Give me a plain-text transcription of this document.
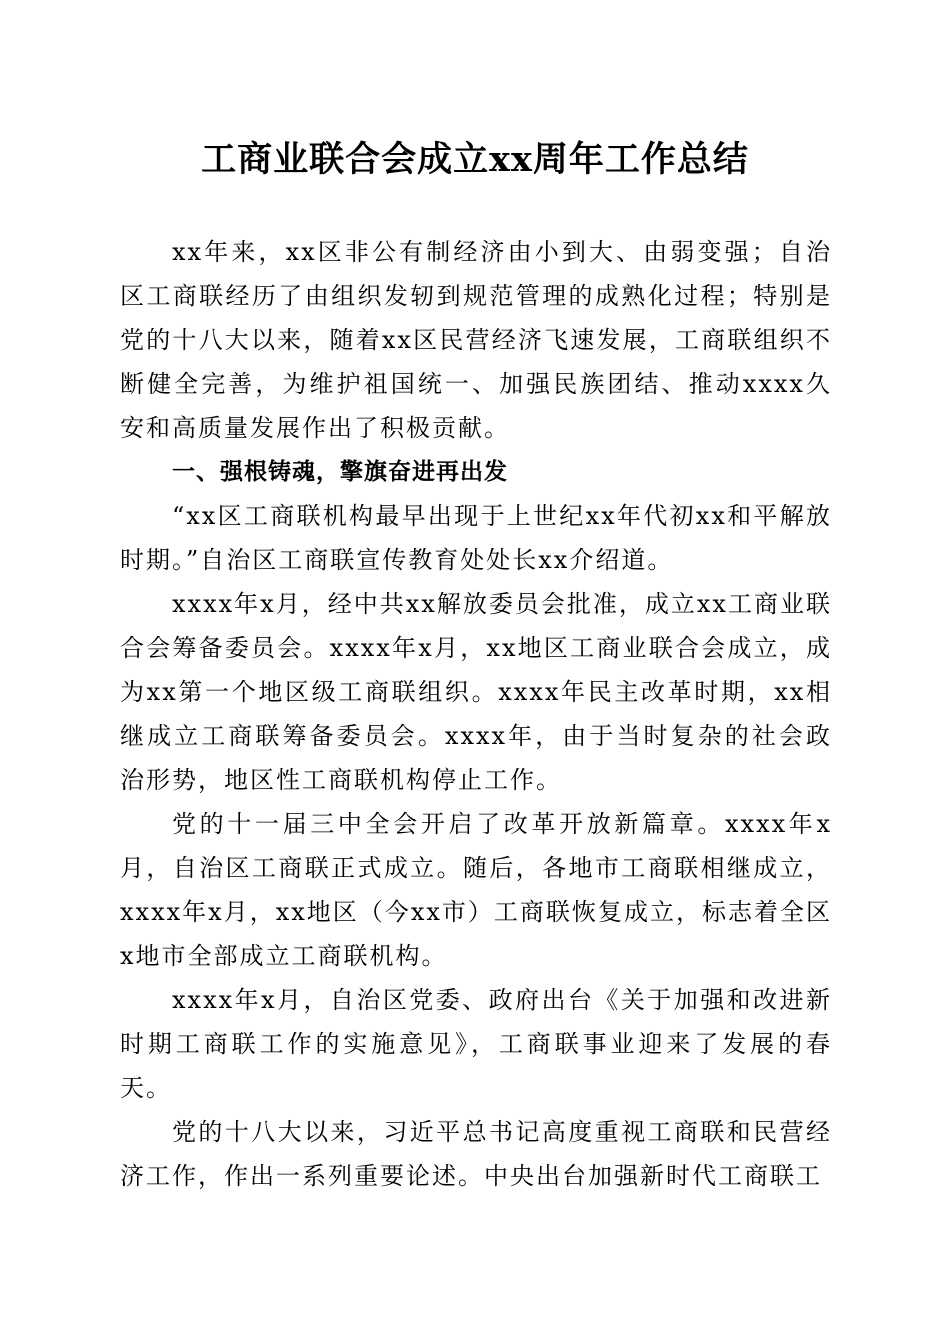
工商业联合会成立xx周年工作总结

xx年来，xx区非公有制经济由小到大、由弱变强；自治区工商联经历了由组织发轫到规范管理的成熟化过程；特别是党的十八大以来，随着xx区民营经济飞速发展，工商联组织不断健全完善，为维护祖国统一、加强民族团结、推动xxxx久安和高质量发展作出了积极贡献。

一、强根铸魂，擎旗奋进再出发

“xx区工商联机构最早出现于上世纪xx年代初xx和平解放时期。”自治区工商联宣传教育处处长xx介绍道。

xxxx年x月，经中共xx解放委员会批准，成立xx工商业联合会筹备委员会。xxxx年x月，xx地区工商业联合会成立，成为xx第一个地区级工商联组织。xxxx年民主改革时期，xx相继成立工商联筹备委员会。xxxx年，由于当时复杂的社会政治形势，地区性工商联机构停止工作。

党的十一届三中全会开启了改革开放新篇章。xxxx年x月，自治区工商联正式成立。随后，各地市工商联相继成立，xxxx年x月，xx地区（今xx市）工商联恢复成立，标志着全区x地市全部成立工商联机构。

xxxx年x月，自治区党委、政府出台《关于加强和改进新时期工商联工作的实施意见》，工商联事业迎来了发展的春天。

党的十八大以来，习近平总书记高度重视工商联和民营经济工作，作出一系列重要论述。中央出台加强新时代工商联工
